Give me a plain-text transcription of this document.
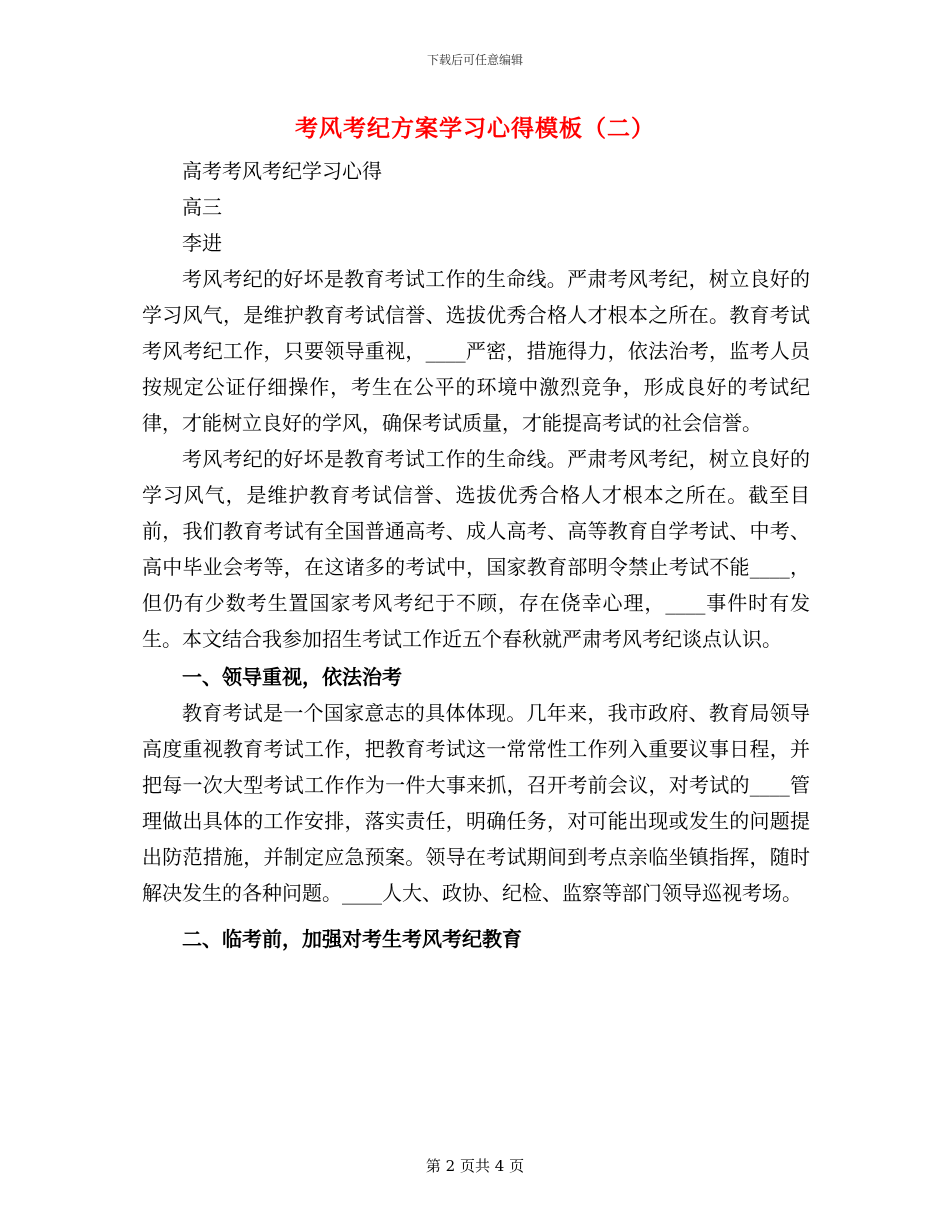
下载后可任意编辑
考风考纪方案学习心得模板（二）

高考考风考纪学习心得

高三

李进

考风考纪的好坏是教育考试工作的生命线。严肃考风考纪，树立良好的学习风气，是维护教育考试信誉、选拔优秀合格人才根本之所在。教育考试考风考纪工作，只要领导重视，____严密，措施得力，依法治考，监考人员按规定公证仔细操作，考生在公平的环境中激烈竞争，形成良好的考试纪律，才能树立良好的学风，确保考试质量，才能提高考试的社会信誉。

考风考纪的好坏是教育考试工作的生命线。严肃考风考纪，树立良好的学习风气，是维护教育考试信誉、选拔优秀合格人才根本之所在。截至目前，我们教育考试有全国普通高考、成人高考、高等教育自学考试、中考、高中毕业会考等，在这诸多的考试中，国家教育部明令禁止考试不能____，但仍有少数考生置国家考风考纪于不顾，存在侥幸心理，____事件时有发生。本文结合我参加招生考试工作近五个春秋就严肃考风考纪谈点认识。

一、领导重视，依法治考

教育考试是一个国家意志的具体体现。几年来，我市政府、教育局领导高度重视教育考试工作，把教育考试这一常常性工作列入重要议事日程，并把每一次大型考试工作作为一件大事来抓，召开考前会议，对考试的____管理做出具体的工作安排，落实责任，明确任务，对可能出现或发生的问题提出防范措施，并制定应急预案。领导在考试期间到考点亲临坐镇指挥，随时解决发生的各种问题。____人大、政协、纪检、监察等部门领导巡视考场。

二、临考前，加强对考生考风考纪教育
第 2 页共 4 页
